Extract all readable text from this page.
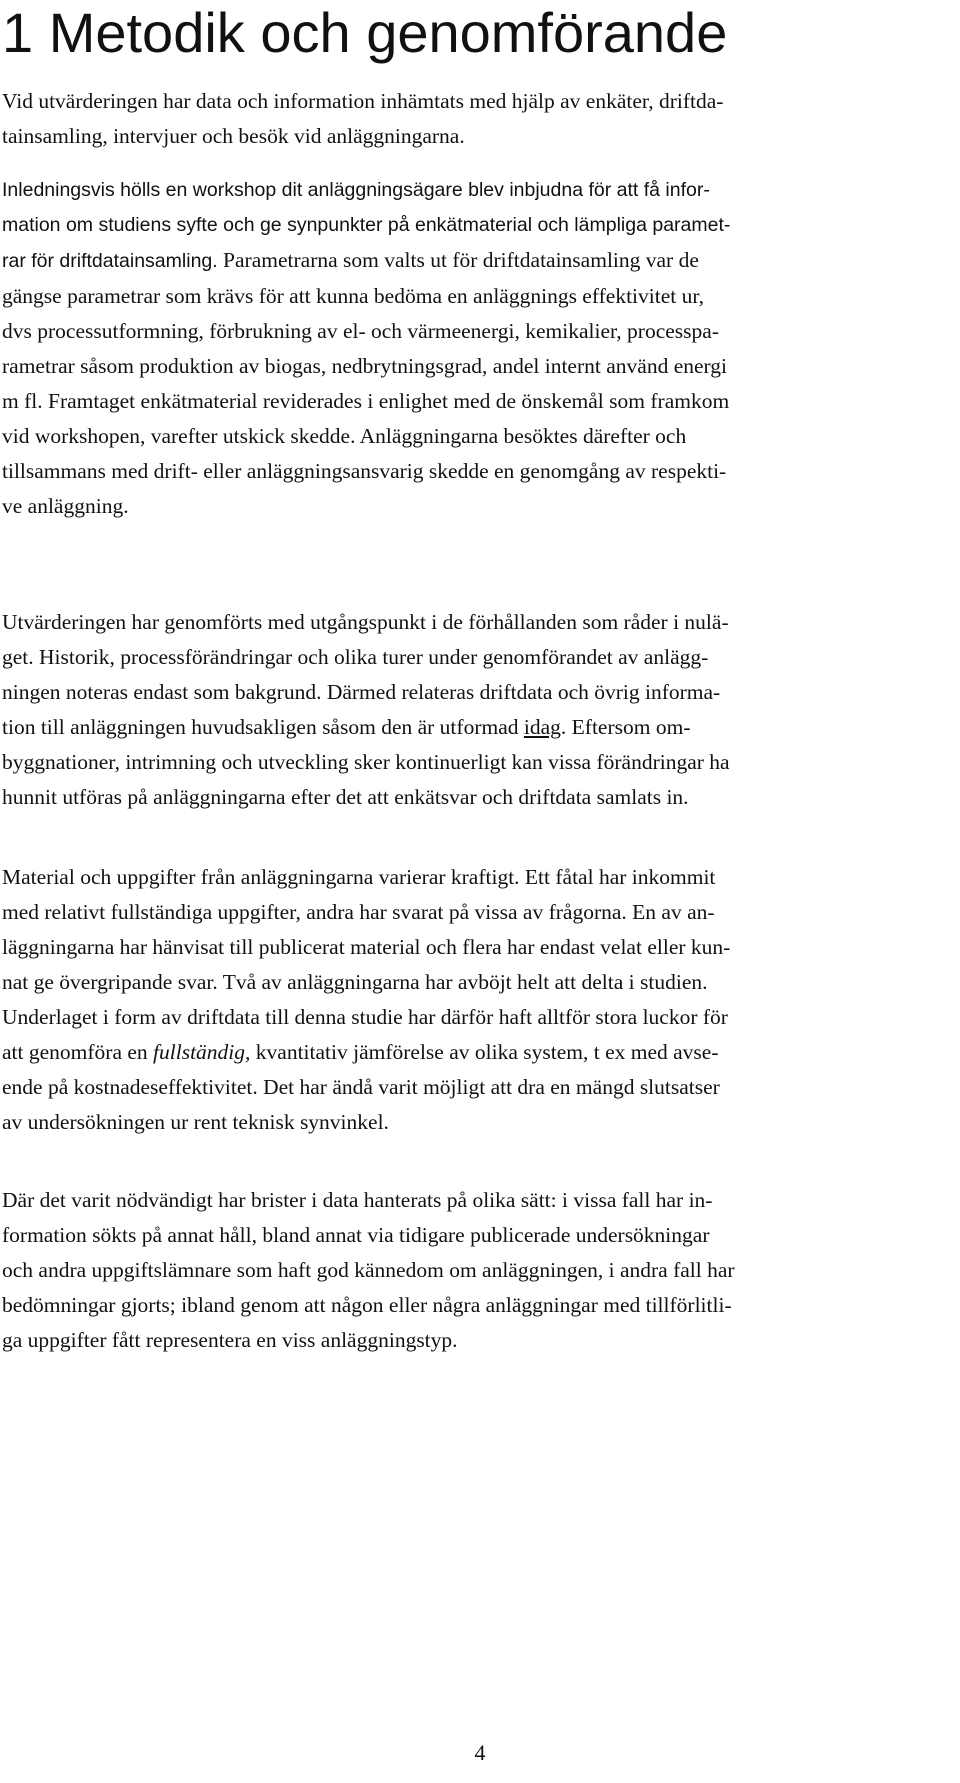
1 Metodik och genomförande
Vid utvärderingen har data och information inhämtats med hjälp av enkäter, driftda-
tainsamling, intervjuer och besök vid anläggningarna.
Inledningsvis hölls en workshop dit anläggningsägare blev inbjudna för att få infor-
mation om studiens syfte och ge synpunkter på enkätmaterial och lämpliga paramet-
rar för driftdatainsamling. Parametrarna som valts ut för driftdatainsamling var de
gängse parametrar som krävs för att kunna bedöma en anläggnings effektivitet ur,
dvs processutformning, förbrukning av el- och värmeenergi, kemikalier, processpa-
rametrar såsom produktion av biogas, nedbrytningsgrad, andel internt använd energi
m fl. Framtaget enkätmaterial reviderades i enlighet med de önskemål som framkom
vid workshopen, varefter utskick skedde. Anläggningarna besöktes därefter och
tillsammans med drift- eller anläggningsansvarig skedde en genomgång av respekti-
ve anläggning.
Utvärderingen har genomförts med utgångspunkt i de förhållanden som råder i nulä-
get. Historik, processförändringar och olika turer under genomförandet av anlägg-
ningen noteras endast som bakgrund. Därmed relateras driftdata och övrig informa-
tion till anläggningen huvudsakligen såsom den är utformad idag. Eftersom om-
byggnationer, intrimning och utveckling sker kontinuerligt kan vissa förändringar ha
hunnit utföras på anläggningarna efter det att enkätsvar och driftdata samlats in.
Material och uppgifter från anläggningarna varierar kraftigt. Ett fåtal har inkommit
med relativt fullständiga uppgifter, andra har svarat på vissa av frågorna. En av an-
läggningarna har hänvisat till publicerat material och flera har endast velat eller kun-
nat ge övergripande svar. Två av anläggningarna har avböjt helt att delta i studien.
Underlaget i form av driftdata till denna studie har därför haft alltför stora luckor för
att genomföra en fullständig, kvantitativ jämförelse av olika system, t ex med avse-
ende på kostnadeseffektivitet. Det har ändå varit möjligt att dra en mängd slutsatser
av undersökningen ur rent teknisk synvinkel.
Där det varit nödvändigt har brister i data hanterats på olika sätt: i vissa fall har in-
formation sökts på annat håll, bland annat via tidigare publicerade undersökningar
och andra uppgiftslämnare som haft god kännedom om anläggningen, i andra fall har
bedömningar gjorts; ibland genom att någon eller några anläggningar med tillförlitli-
ga uppgifter fått representera en viss anläggningstyp.
4
